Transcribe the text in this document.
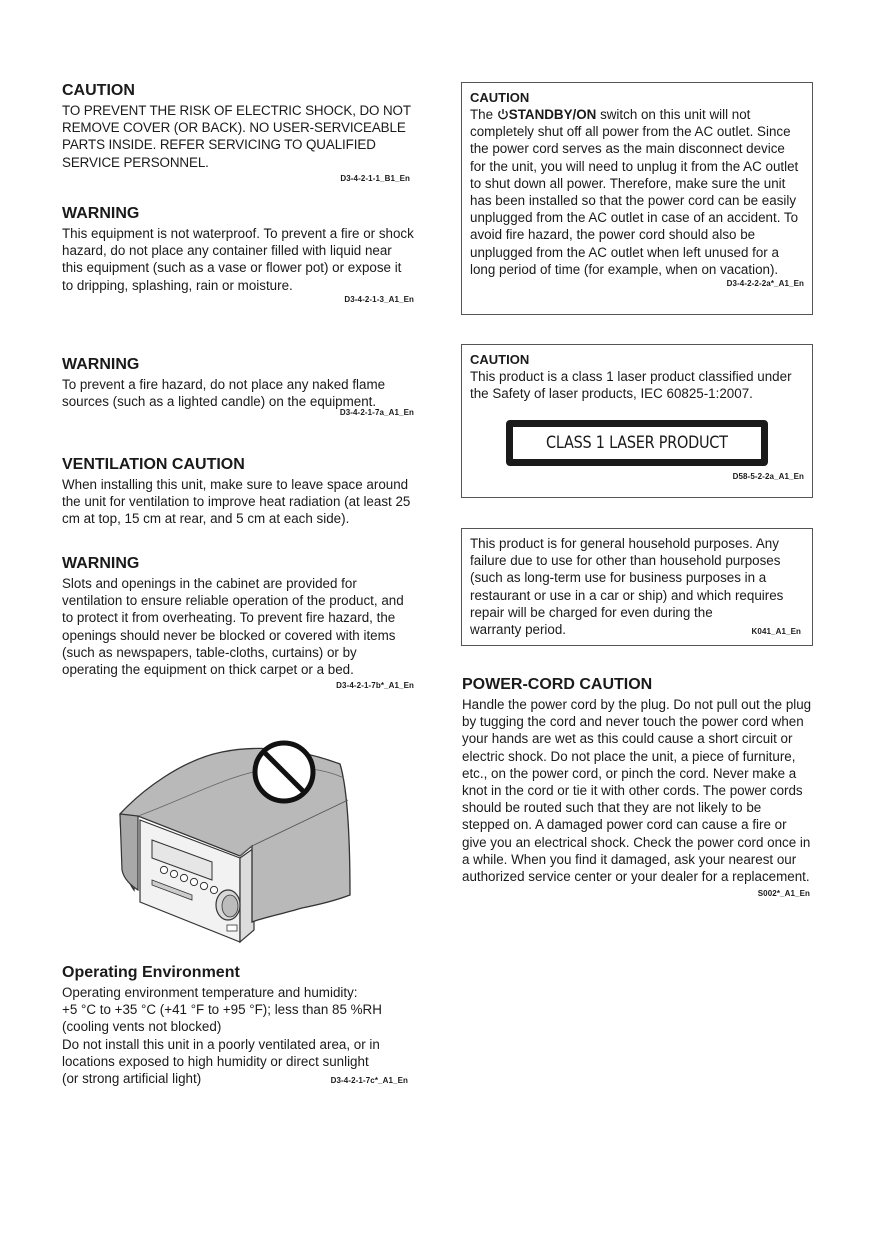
CAUTION

TO PREVENT THE RISK OF ELECTRIC SHOCK, DO NOT REMOVE COVER (OR BACK). NO USER-SERVICEABLE PARTS INSIDE. REFER SERVICING TO QUALIFIED SERVICE PERSONNEL.

D3-4-2-1-1_B1_En
WARNING

This equipment is not waterproof. To prevent a fire or shock hazard, do not place any container filled with liquid near this equipment (such as a vase or flower pot) or expose it to dripping, splashing, rain or moisture.

D3-4-2-1-3_A1_En
WARNING

To prevent a fire hazard, do not place any naked flame sources (such as a lighted candle) on the equipment.

D3-4-2-1-7a_A1_En
VENTILATION CAUTION

When installing this unit, make sure to leave space around the unit for ventilation to improve heat radiation (at least 25 cm at top, 15 cm at rear, and 5 cm at each side).

WARNING

Slots and openings in the cabinet are provided for ventilation to ensure reliable operation of the product, and to protect it from overheating. To prevent fire hazard, the openings should never be blocked or covered with items (such as newspapers, table-cloths, curtains) or by operating the equipment on thick carpet or a bed.

D3-4-2-1-7b*_A1_En
Operating Environment

Operating environment temperature and humidity:

+5 °C to +35 °C (+41 °F to +95 °F); less than 85 %RH

(cooling vents not blocked)

Do not install this unit in a poorly ventilated area, or in locations exposed to high humidity or direct sunlight

(or strong artificial light)	D3-4-2-1-7c*_A1_En
CAUTION

The STANDBY/ON switch on this unit will not completely shut off all power from the AC outlet. Since the power cord serves as the main disconnect device for the unit, you will need to unplug it from the AC outlet to shut down all power. Therefore, make sure the unit has been installed so that the power cord can be easily unplugged from the AC outlet in case of an accident. To avoid fire hazard, the power cord should also be unplugged from the AC outlet when left unused for a long period of time (for example, when on vacation).

D3-4-2-2-2a*_A1_En
CAUTION

This product is a class 1 laser product classified under the Safety of laser products, IEC 60825-1:2007.

CLASS 1 LASER PRODUCT
D58-5-2-2a_A1_En

This product is for general household purposes. Any failure due to use for other than household purposes (such as long-term use for business purposes in a restaurant or use in a car or ship) and which requires repair will be charged for even during the

warranty period.	K041_A1_En
POWER-CORD CAUTION

Handle the power cord by the plug. Do not pull out the plug by tugging the cord and never touch the power cord when your hands are wet as this could cause a short circuit or electric shock. Do not place the unit, a piece of furniture, etc., on the power cord, or pinch the cord. Never make a knot in the cord or tie it with other cords. The power cords should be routed such that they are not likely to be stepped on. A damaged power cord can cause a fire or give you an electrical shock. Check the power cord once in a while. When you find it damaged, ask your nearest our authorized service center or your dealer for a replacement.

S002*_A1_En
